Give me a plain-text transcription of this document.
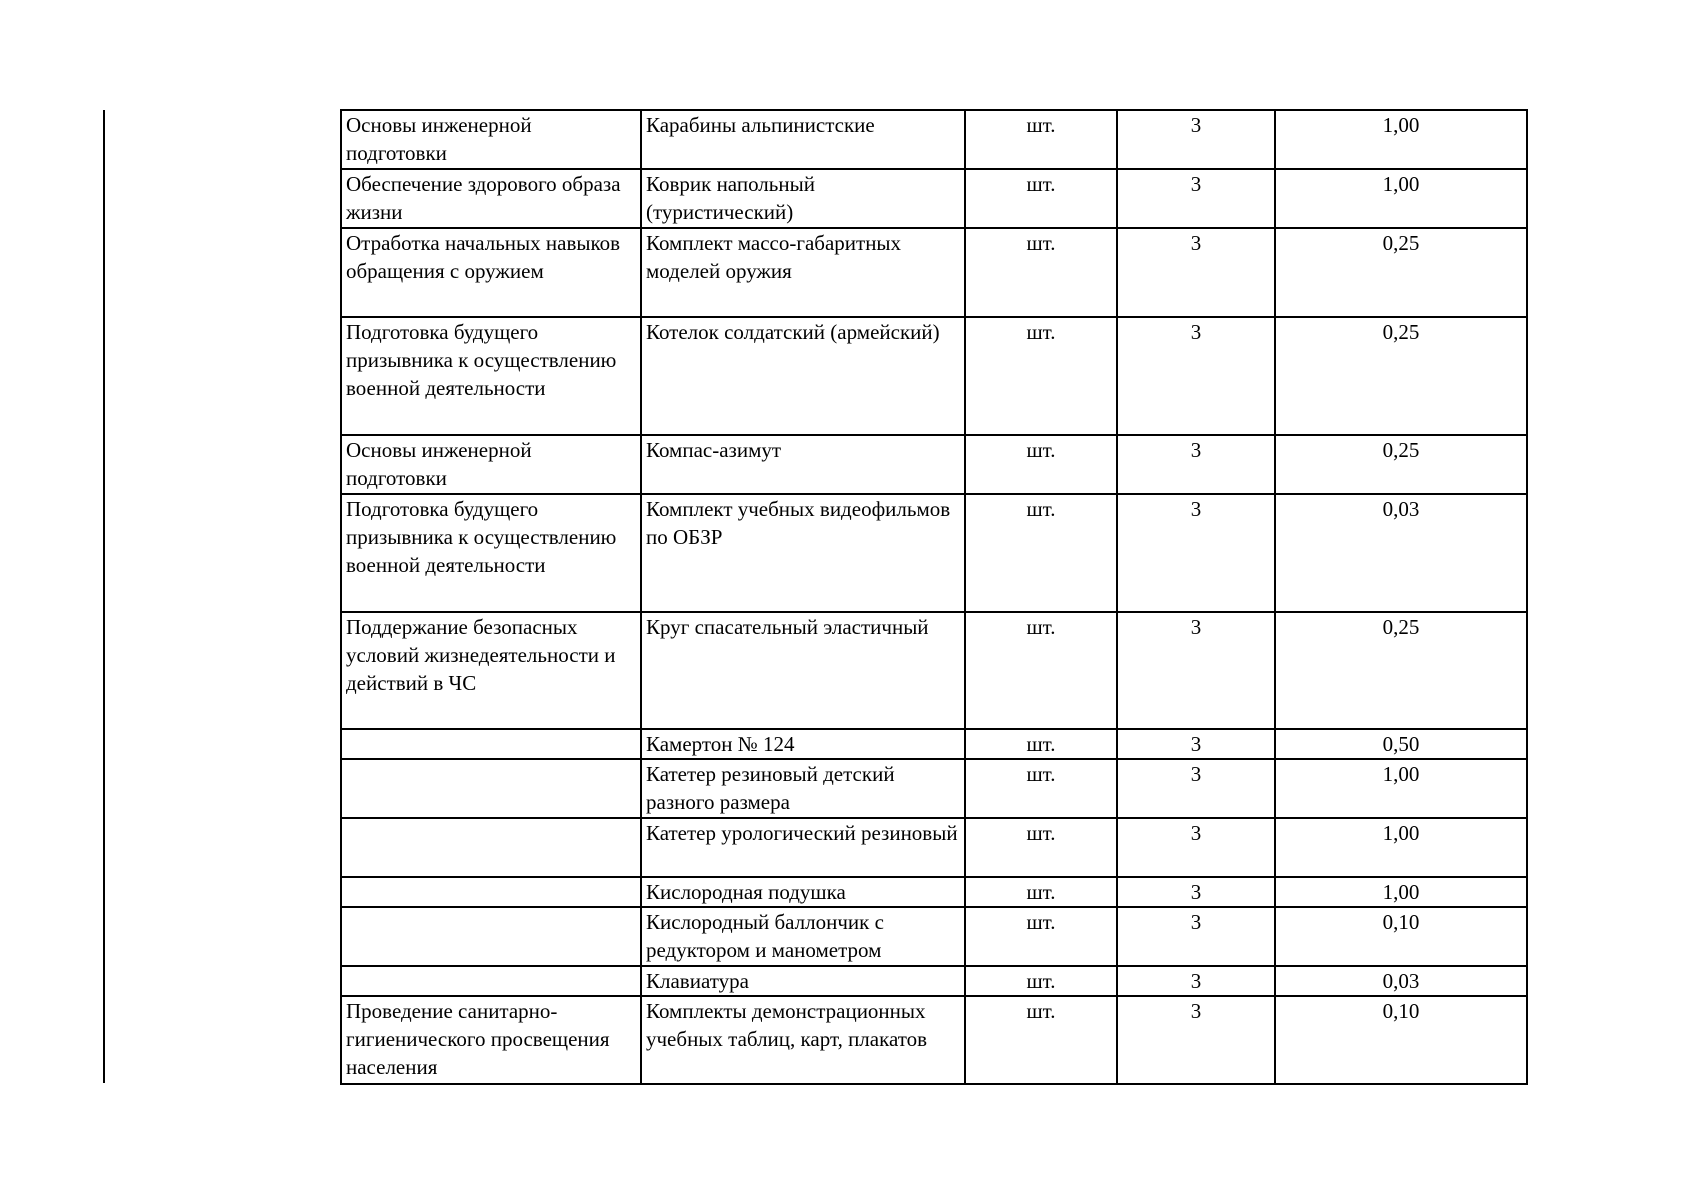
Основы инженерной подготовки	Карабины альпинистские	шт.	3	1,00
Обеспечение здорового образа жизни	Коврик напольный (туристический)	шт.	3	1,00
Отработка начальных навыков обращения с оружием	Комплект массо-габаритных моделей оружия	шт.	3	0,25
Подготовка будущего призывника к осуществлению военной деятельности	Котелок солдатский (армейский)	шт.	3	0,25
Основы инженерной подготовки	Компас-азимут	шт.	3	0,25
Подготовка будущего призывника к осуществлению военной деятельности	Комплект учебных видеофильмов по ОБЗР	шт.	3	0,03
Поддержание безопасных условий жизнедеятельности и действий в ЧС	Круг спасательный эластичный	шт.	3	0,25
	Камертон № 124	шт.	3	0,50
	Катетер резиновый детский разного размера	шт.	3	1,00
	Катетер урологический резиновый	шт.	3	1,00
	Кислородная подушка	шт.	3	1,00
	Кислородный баллончик с редуктором и манометром	шт.	3	0,10
	Клавиатура	шт.	3	0,03
Проведение санитарно-гигиенического просвещения населения	Комплекты демонстрационных учебных таблиц, карт, плакатов	шт.	3	0,10
